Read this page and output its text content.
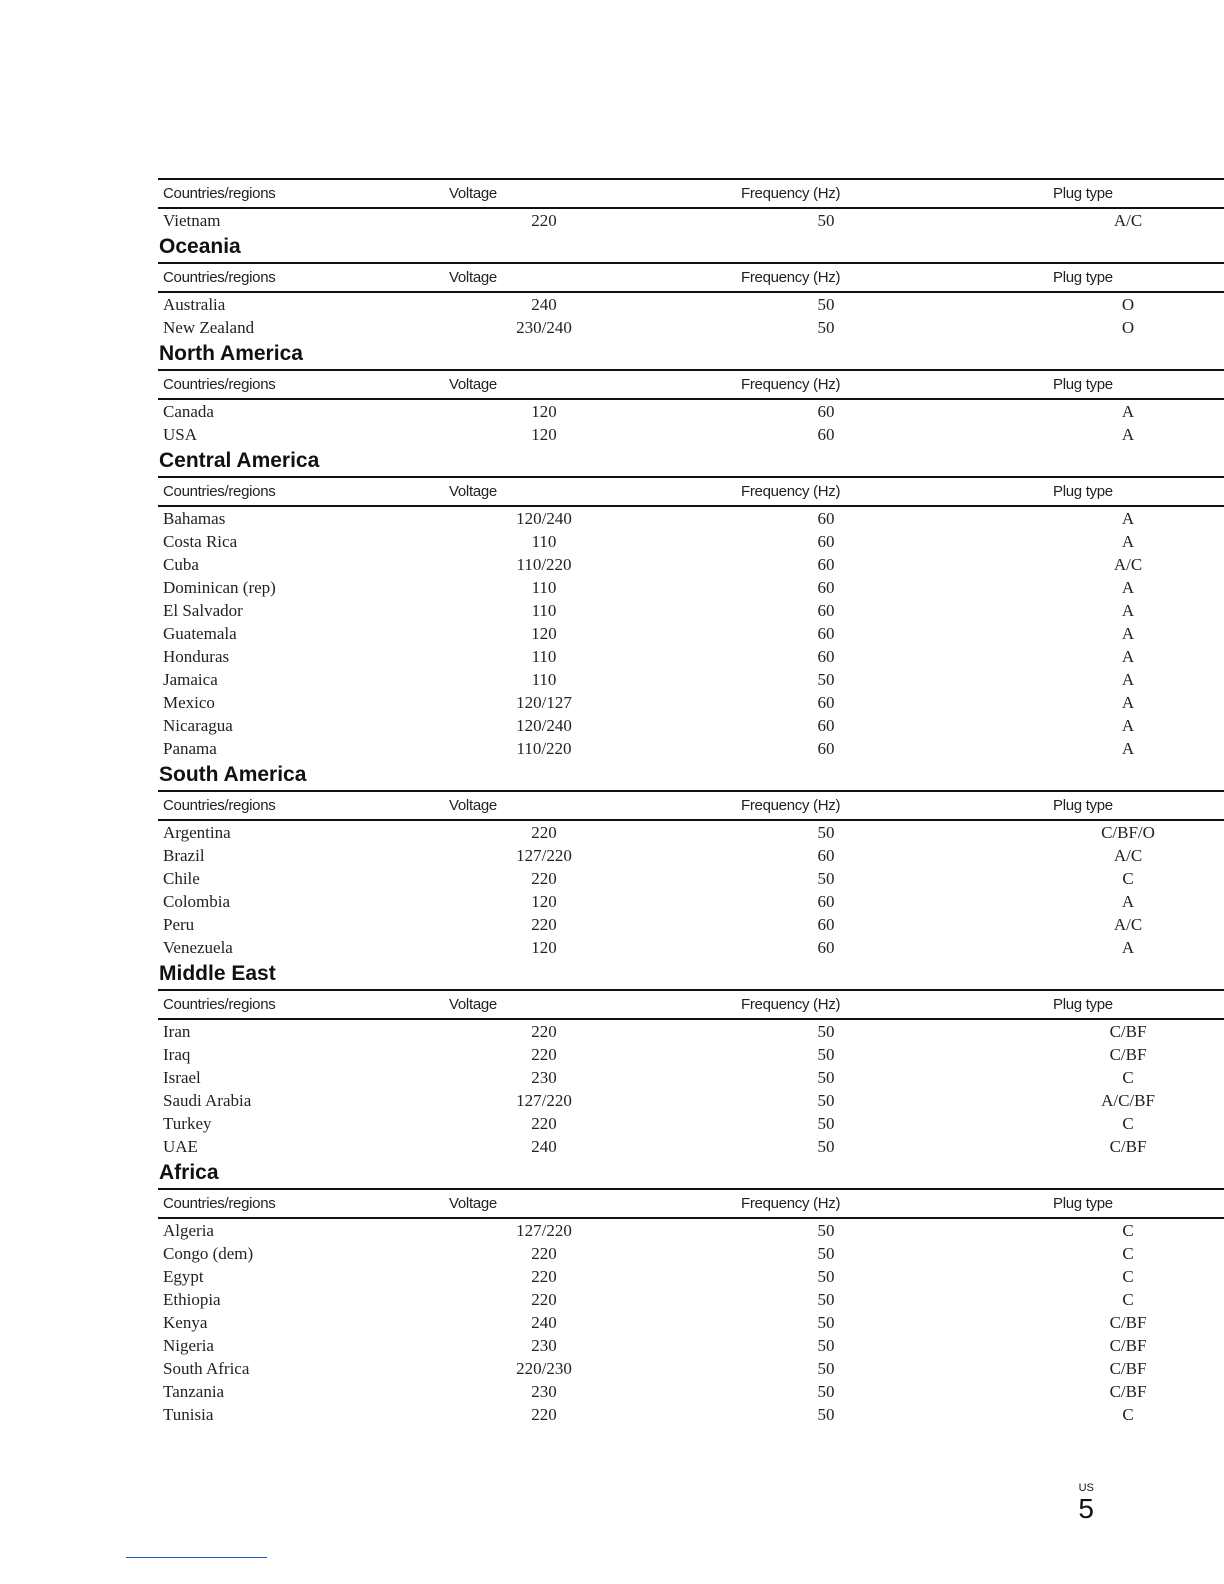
Countries/regions	Voltage	Frequency (Hz)	Plug type
Vietnam	220	50	A/C
Oceania
Countries/regions	Voltage	Frequency (Hz)	Plug type
Australia	240	50	O
New Zealand	230/240	50	O
North America
Countries/regions	Voltage	Frequency (Hz)	Plug type
Canada	120	60	A
USA	120	60	A
Central America
Countries/regions	Voltage	Frequency (Hz)	Plug type
Bahamas	120/240	60	A
Costa Rica	110	60	A
Cuba	110/220	60	A/C
Dominican (rep)	110	60	A
El Salvador	110	60	A
Guatemala	120	60	A
Honduras	110	60	A
Jamaica	110	50	A
Mexico	120/127	60	A
Nicaragua	120/240	60	A
Panama	110/220	60	A
South America
Countries/regions	Voltage	Frequency (Hz)	Plug type
Argentina	220	50	C/BF/O
Brazil	127/220	60	A/C
Chile	220	50	C
Colombia	120	60	A
Peru	220	60	A/C
Venezuela	120	60	A
Middle East
Countries/regions	Voltage	Frequency (Hz)	Plug type
Iran	220	50	C/BF
Iraq	220	50	C/BF
Israel	230	50	C
Saudi Arabia	127/220	50	A/C/BF
Turkey	220	50	C
UAE	240	50	C/BF
Africa
Countries/regions	Voltage	Frequency (Hz)	Plug type
Algeria	127/220	50	C
Congo (dem)	220	50	C
Egypt	220	50	C
Ethiopia	220	50	C
Kenya	240	50	C/BF
Nigeria	230	50	C/BF
South Africa	220/230	50	C/BF
Tanzania	230	50	C/BF
Tunisia	220	50	C
US
5
